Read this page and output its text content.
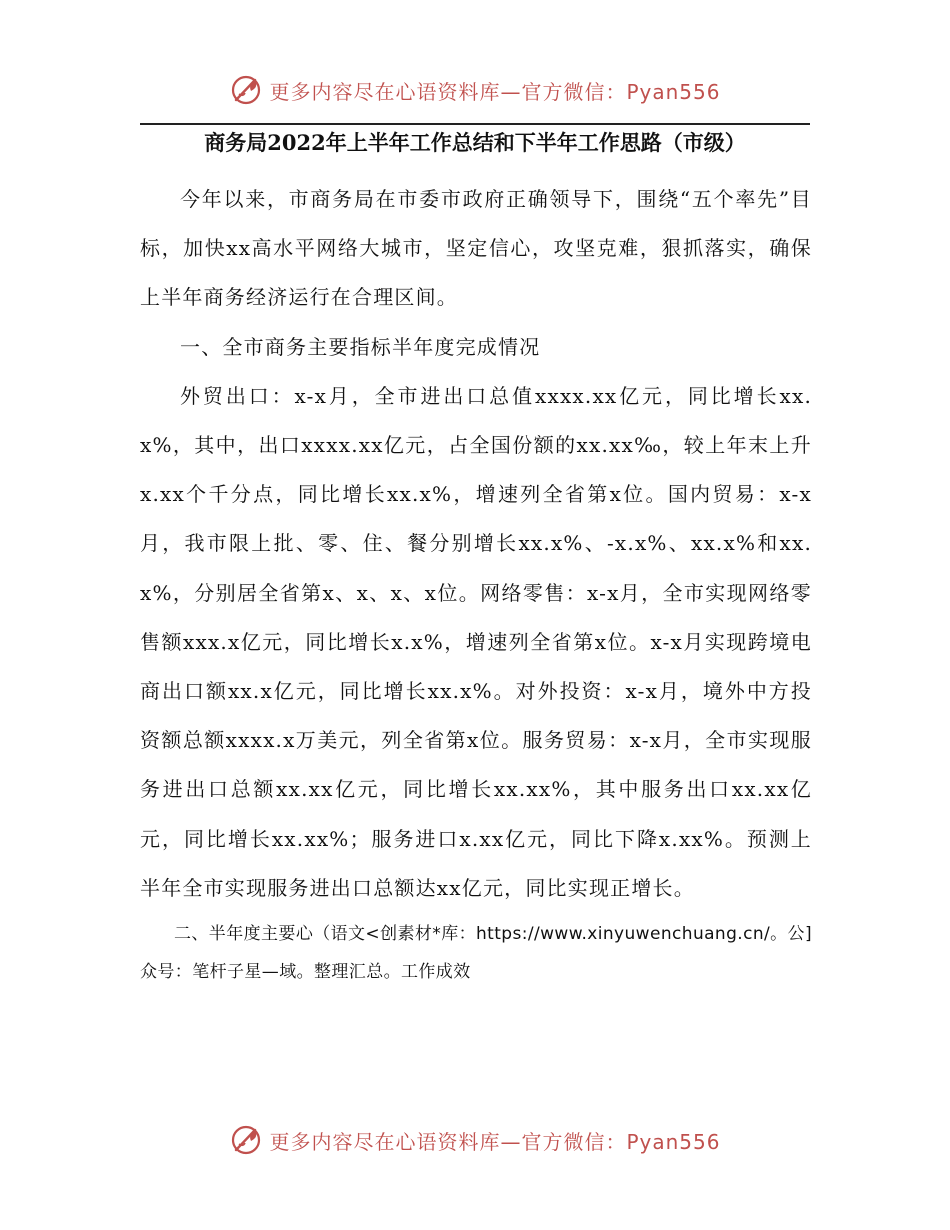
更多内容尽在心语资料库—官方微信：Pyan556
商务局2022年上半年工作总结和下半年工作思路（市级）

今年以来，市商务局在市委市政府正确领导下，围绕“五个率先”目标，加快xx高水平网络大城市，坚定信心，攻坚克难，狠抓落实，确保上半年商务经济运行在合理区间。

一、全市商务主要指标半年度完成情况

外贸出口：x-x月，全市进出口总值xxxx.xx亿元，同比增长xx.x%，其中，出口xxxx.xx亿元，占全国份额的xx.xx‰，较上年末上升x.xx个千分点，同比增长xx.x%，增速列全省第x位。国内贸易：x-x月，我市限上批、零、住、餐分别增长xx.x%、-x.x%、xx.x%和xx.x%，分别居全省第x、x、x、x位。网络零售：x-x月，全市实现网络零售额xxx.x亿元，同比增长x.x%，增速列全省第x位。x-x月实现跨境电商出口额xx.x亿元，同比增长xx.x%。对外投资：x-x月，境外中方投资额总额xxxx.x万美元，列全省第x位。服务贸易：x-x月，全市实现服务进出口总额xx.xx亿元，同比增长xx.xx%，其中服务出口xx.xx亿元，同比增长xx.xx%；服务进口x.xx亿元，同比下降x.xx%。预测上半年全市实现服务进出口总额达xx亿元，同比实现正增长。

二、半年度主要心（语文<创素材*库：https://www.xinyuwenchuang.cn/。公]众号：笔杆子星—域。整理汇总。工作成效

更多内容尽在心语资料库—官方微信：Pyan556
